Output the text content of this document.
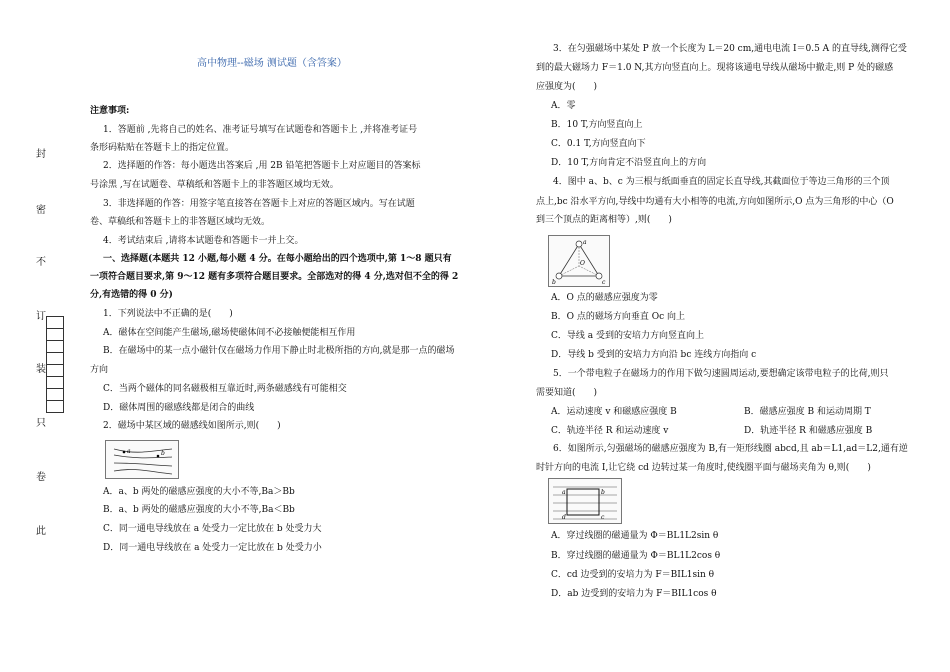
高中物理--磁场 测试题（含答案）
注意事项:
1．答题前 ,先将自己的姓名、准考证号填写在试题卷和答题卡上 ,并将准考证号
条形码粘贴在答题卡上的指定位置。
2．选择题的作答：每小题选出答案后 ,用 2B 铅笔把答题卡上对应题目的答案标
号涂黑 ,写在试题卷、草稿纸和答题卡上的非答题区域均无效。
3．非选择题的作答：用签字笔直接答在答题卡上对应的答题区域内。写在试题
卷、草稿纸和答题卡上的非答题区域均无效。
4．考试结束后 ,请将本试题卷和答题卡一并上交。
一、选择题(本题共 12 小题,每小题 4 分。在每小题给出的四个选项中,第 1～8 题只有
一项符合题目要求,第 9～12 题有多项符合题目要求。全部选对的得 4 分,选对但不全的得 2
分,有选错的得 0 分)
1．下列说法中不正确的是(　　)
A．磁体在空间能产生磁场,磁场使磁体间不必接触便能相互作用
B．在磁场中的某一点小磁针仅在磁场力作用下静止时北极所指的方向,就是那一点的磁场
方向
C．当两个磁体的同名磁极相互靠近时,两条磁感线有可能相交
D．磁体周围的磁感线都是闭合的曲线
2．磁场中某区域的磁感线如图所示,则(　　)
a	b
A．a、b 两处的磁感应强度的大小不等,Ba＞Bb
B．a、b 两处的磁感应强度的大小不等,Ba＜Bb
C．同一通电导线放在 a 处受力一定比放在 b 处受力大
D．同一通电导线放在 a 处受力一定比放在 b 处受力小
封
密
不
订
装
只
卷
此
3．在匀强磁场中某处 P 放一个长度为 L＝20 cm,通电电流 I＝0.5 A 的直导线,测得它受
到的最大磁场力 F＝1.0 N,其方向竖直向上。现将该通电导线从磁场中撤走,则 P 处的磁感
应强度为(　　)
A．零
B．10 T,方向竖直向上
C．0.1 T,方向竖直向下
D．10 T,方向肯定不沿竖直向上的方向
4．图中 a、b、c 为三根与纸面垂直的固定长直导线,其截面位于等边三角形的三个顶
点上,bc 沿水平方向,导线中均通有大小相等的电流,方向如图所示,O 点为三角形的中心（O
到三个顶点的距离相等）,则(　　)
a
b	c
O
A．O 点的磁感应强度为零
B．O 点的磁场方向垂直 Oc 向上
C．导线 a 受到的安培力方向竖直向上
D．导线 b 受到的安培力方向沿 bc 连线方向指向 c
5．一个带电粒子在磁场力的作用下做匀速圆周运动,要想确定该带电粒子的比荷,则只
需要知道(　　)
A．运动速度 v 和磁感应强度 B	B．磁感应强度 B 和运动周期 T
C．轨迹半径 R 和运动速度 v	D．轨迹半径 R 和磁感应强度 B
6．如图所示,匀强磁场的磁感应强度为 B,有一矩形线圈 abcd,且 ab＝L1,ad＝L2,通有逆
时针方向的电流 I,让它绕 cd 边转过某一角度时,使线圈平面与磁场夹角为 θ,则(　　)
a	b
c
d
A．穿过线圈的磁通量为 Φ＝BL1L2sin θ
B．穿过线圈的磁通量为 Φ＝BL1L2cos θ
C．cd 边受到的安培力为 F＝BIL1sin θ
D．ab 边受到的安培力为 F＝BIL1cos θ
